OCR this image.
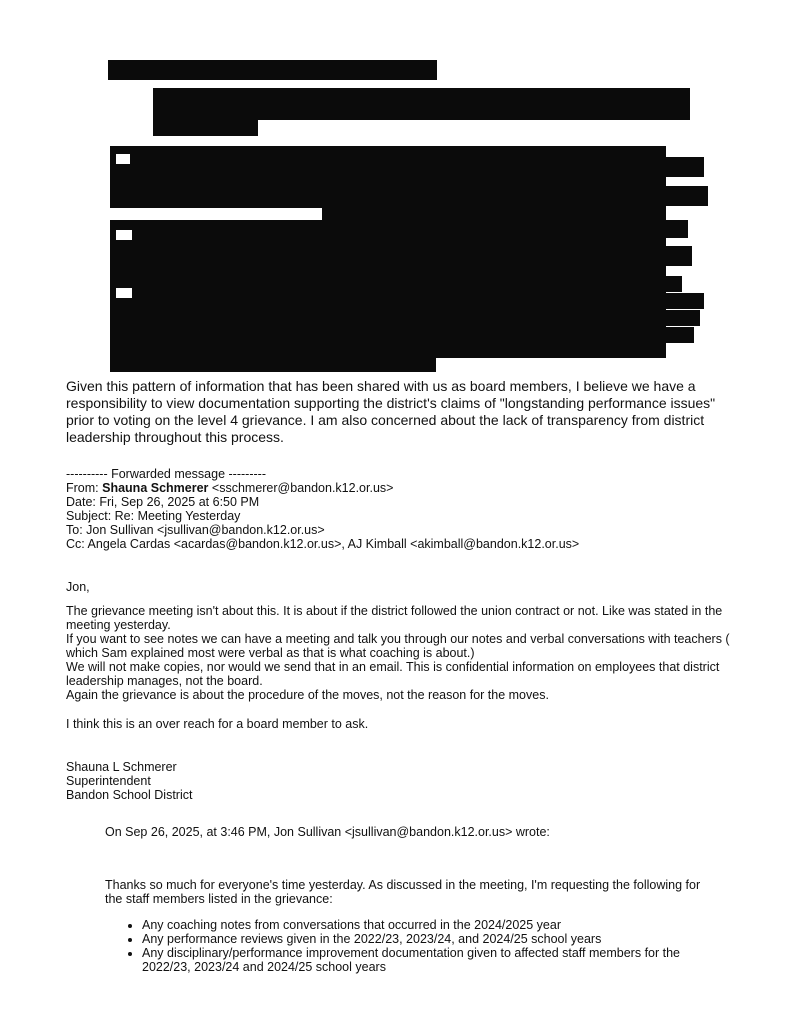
Given this pattern of information that has been shared with us as board members, I believe we have a
responsibility to view documentation supporting the district's claims of "longstanding performance issues"
prior to voting on the level 4 grievance. I am also concerned about the lack of transparency from district
leadership throughout this process.
---------- Forwarded message ---------
From: Shauna Schmerer <sschmerer@bandon.k12.or.us>
Date: Fri, Sep 26, 2025 at 6:50 PM
Subject: Re: Meeting Yesterday
To: Jon Sullivan <jsullivan@bandon.k12.or.us>
Cc: Angela Cardas <acardas@bandon.k12.or.us>, AJ Kimball <akimball@bandon.k12.or.us>
Jon,
The grievance meeting isn't about this. It is about if the district followed the union contract or not. Like was stated in the
meeting yesterday.
If you want to see notes we can have a meeting and talk you through our notes and verbal conversations with teachers (
which Sam explained most were verbal as that is what coaching is about.)
We will not make copies, nor would we send that in an email. This is confidential information on employees that district
leadership manages, not the board.
Again the grievance is about the procedure of the moves, not the reason for the moves.
I think this is an over reach for a board member to ask.
Shauna L Schmerer
Superintendent
Bandon School District
On Sep 26, 2025, at 3:46 PM, Jon Sullivan <jsullivan@bandon.k12.or.us> wrote:
Thanks so much for everyone's time yesterday. As discussed in the meeting, I'm requesting the following for
the staff members listed in the grievance:
• Any coaching notes from conversations that occurred in the 2024/2025 year
• Any performance reviews given in the 2022/23, 2023/24, and 2024/25 school years
• Any disciplinary/performance improvement documentation given to affected staff members for the
2022/23, 2023/24 and 2024/25 school years
